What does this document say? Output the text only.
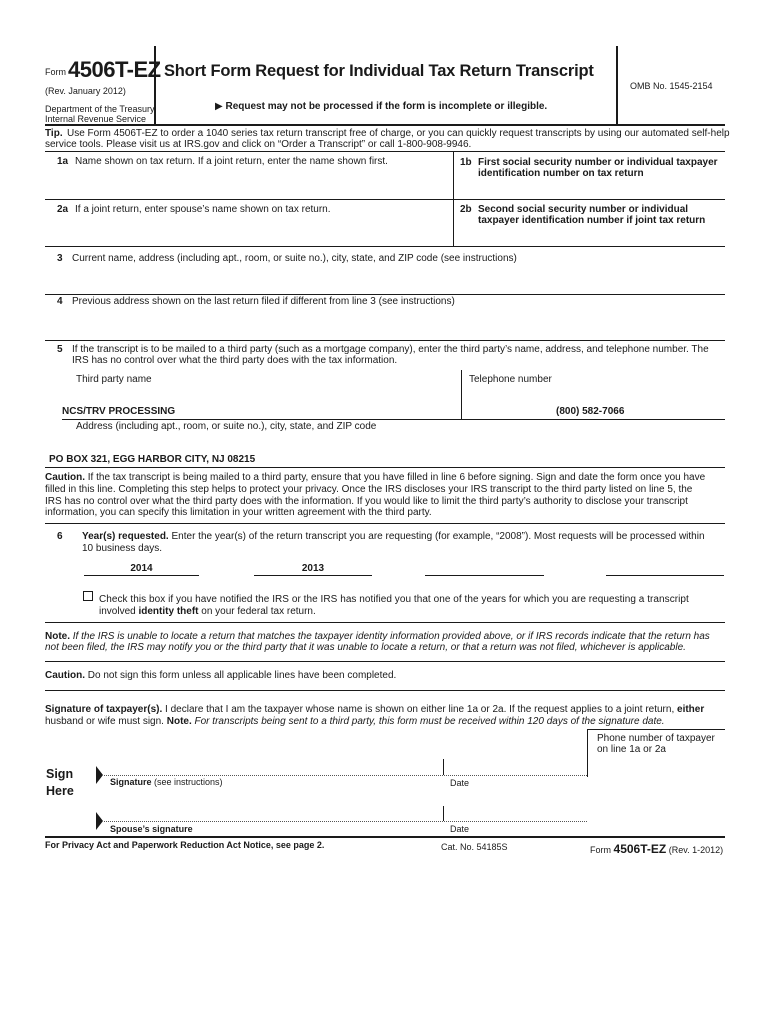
Form 4506T-EZ
(Rev. January 2012)
Department of the Treasury
Internal Revenue Service
Short Form Request for Individual Tax Return Transcript
▶ Request may not be processed if the form is incomplete or illegible.
OMB No. 1545-2154
Tip. Use Form 4506T-EZ to order a 1040 series tax return transcript free of charge, or you can quickly request transcripts by using our automated self-help
service tools. Please visit us at IRS.gov and click on “Order a Transcript” or call 1-800-908-9946.
1a Name shown on tax return. If a joint return, enter the name shown first.	1b First social security number or individual taxpayer
identification number on tax return
2a If a joint return, enter spouse’s name shown on tax return.	2b Second social security number or individual
taxpayer identification number if joint tax return
3 Current name, address (including apt., room, or suite no.), city, state, and ZIP code (see instructions)
4 Previous address shown on the last return filed if different from line 3 (see instructions)
5 If the transcript is to be mailed to a third party (such as a mortgage company), enter the third party’s name, address, and telephone number. The
IRS has no control over what the third party does with the tax information.
Third party name	Telephone number
NCS/TRV PROCESSING
(800) 582-7066
Address (including apt., room, or suite no.), city, state, and ZIP code
PO BOX 321, EGG HARBOR CITY, NJ 08215
Caution. If the tax transcript is being mailed to a third party, ensure that you have filled in line 6 before signing. Sign and date the form once you have
filled in this line. Completing this step helps to protect your privacy. Once the IRS discloses your IRS transcript to the third party listed on line 5, the
IRS has no control over what the third party does with the information. If you would like to limit the third party’s authority to disclose your transcript
information, you can specify this limitation in your written agreement with the third party.
6 Year(s) requested. Enter the year(s) of the return transcript you are requesting (for example, “2008”). Most requests will be processed within
10 business days.
2014
2013
Check this box if you have notified the IRS or the IRS has notified you that one of the years for which you are requesting a transcript
involved identity theft on your federal tax return.
Note. If the IRS is unable to locate a return that matches the taxpayer identity information provided above, or if IRS records indicate that the return has
not been filed, the IRS may notify you or the third party that it was unable to locate a return, or that a return was not filed, whichever is applicable.
Caution. Do not sign this form unless all applicable lines have been completed.
Signature of taxpayer(s). I declare that I am the taxpayer whose name is shown on either line 1a or 2a. If the request applies to a joint return, either
husband or wife must sign. Note. For transcripts being sent to a third party, this form must be received within 120 days of the signature date.
Phone number of taxpayer
on line 1a or 2a
Sign
Here
Signature (see instructions)	Date
Spouse’s signature	Date
For Privacy Act and Paperwork Reduction Act Notice, see page 2.	Cat. No. 54185S	Form 4506T-EZ (Rev. 1-2012)
